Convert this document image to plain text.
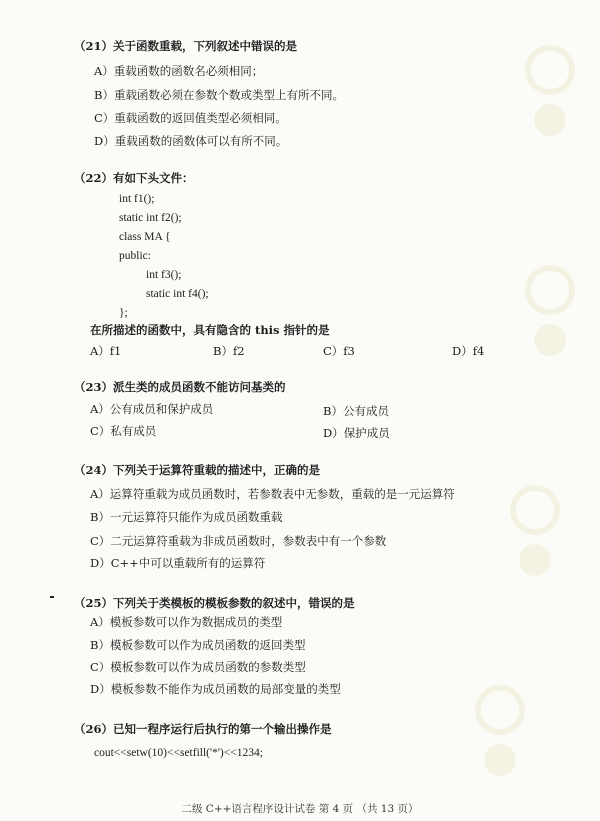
（21）关于函数重载，下列叙述中错误的是
A）重载函数的函数名必须相同；
B）重载函数必须在参数个数或类型上有所不同。
C）重载函数的返回值类型必须相同。
D）重载函数的函数体可以有所不同。
（22）有如下头文件：
int f1();
static int f2();
class MA {
public:
int f3();
static int f4();
};
在所描述的函数中，具有隐含的 this 指针的是
A）f1	B）f2	C）f3	D）f4
（23）派生类的成员函数不能访问基类的
A）公有成员和保护成员	B）公有成员
C）私有成员	D）保护成员
（24）下列关于运算符重载的描述中，正确的是
A）运算符重载为成员函数时，若参数表中无参数，重载的是一元运算符
B）一元运算符只能作为成员函数重载
C）二元运算符重载为非成员函数时，参数表中有一个参数
D）C++中可以重载所有的运算符
（25）下列关于类模板的模板参数的叙述中，错误的是
A）模板参数可以作为数据成员的类型
B）模板参数可以作为成员函数的返回类型
C）模板参数可以作为成员函数的参数类型
D）模板参数不能作为成员函数的局部变量的类型
（26）已知一程序运行后执行的第一个输出操作是
cout<<setw(10)<<setfill('*')<<1234;
二级 C++语言程序设计试卷 第 4 页 （共 13 页）
